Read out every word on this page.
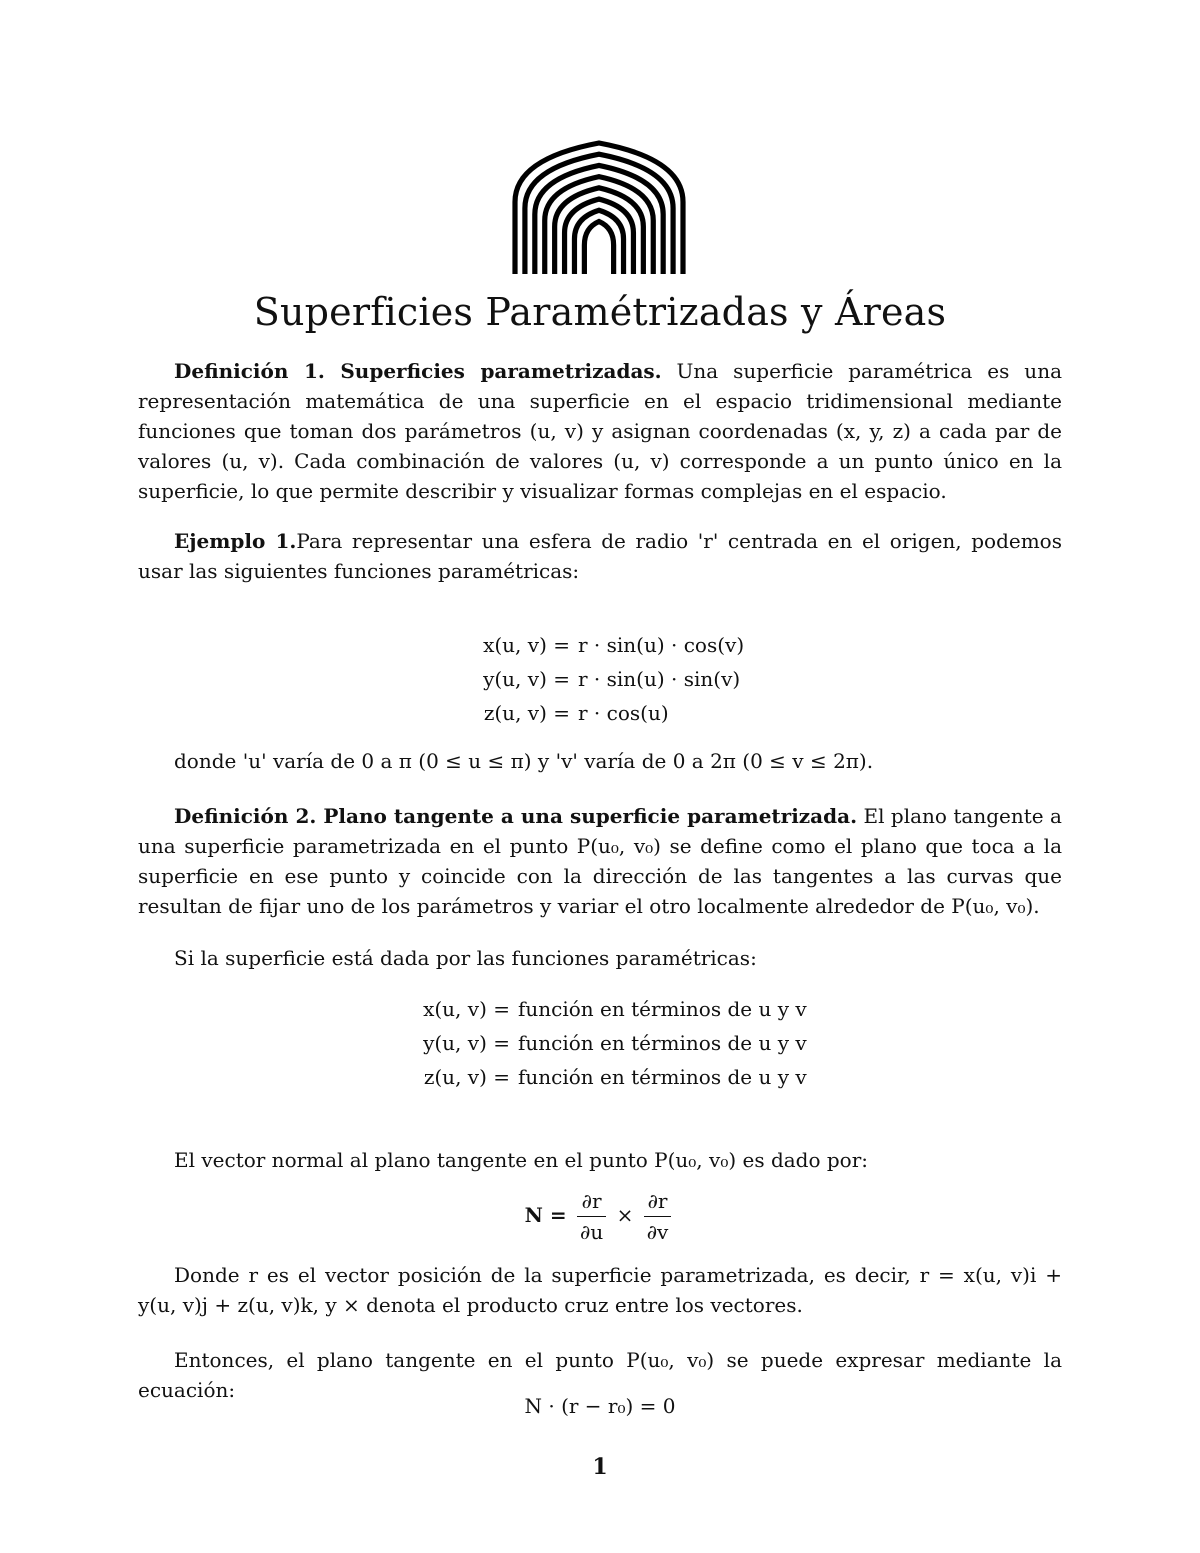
Superficies Paramétrizadas y Áreas

Definición 1. Superficies parametrizadas. Una superficie paramétrica es una representación matemática de una superficie en el espacio tridimensional mediante funciones que toman dos parámetros (u, v) y asignan coordenadas (x, y, z) a cada par de valores (u, v). Cada combinación de valores (u, v) corresponde a un punto único en la superficie, lo que permite describir y visualizar formas complejas en el espacio.

Ejemplo 1.Para representar una esfera de radio 'r' centrada en el origen, podemos usar las siguientes funciones paramétricas:

x(u, v) = r · sin(u) · cos(v)
y(u, v) = r · sin(u) · sin(v)
z(u, v) = r · cos(u)

donde 'u' varía de 0 a π (0 ≤ u ≤ π) y 'v' varía de 0 a 2π (0 ≤ v ≤ 2π).

Definición 2. Plano tangente a una superficie parametrizada. El plano tangente a una superficie parametrizada en el punto P(u₀, v₀) se define como el plano que toca a la superficie en ese punto y coincide con la dirección de las tangentes a las curvas que resultan de fijar uno de los parámetros y variar el otro localmente alrededor de P(u₀, v₀).

Si la superficie está dada por las funciones paramétricas:

x(u, v) = función en términos de u y v
y(u, v) = función en términos de u y v
z(u, v) = función en términos de u y v

El vector normal al plano tangente en el punto P(u₀, v₀) es dado por:

$N = \frac{\partial r}{\partial u} \times \frac{\partial r}{\partial v}$

Donde r es el vector posición de la superficie parametrizada, es decir, r = x(u, v)i + y(u, v)j + z(u, v)k, y × denota el producto cruz entre los vectores.

Entonces, el plano tangente en el punto P(u₀, v₀) se puede expresar mediante la ecuación:

N · (r − r₀) = 0
1
